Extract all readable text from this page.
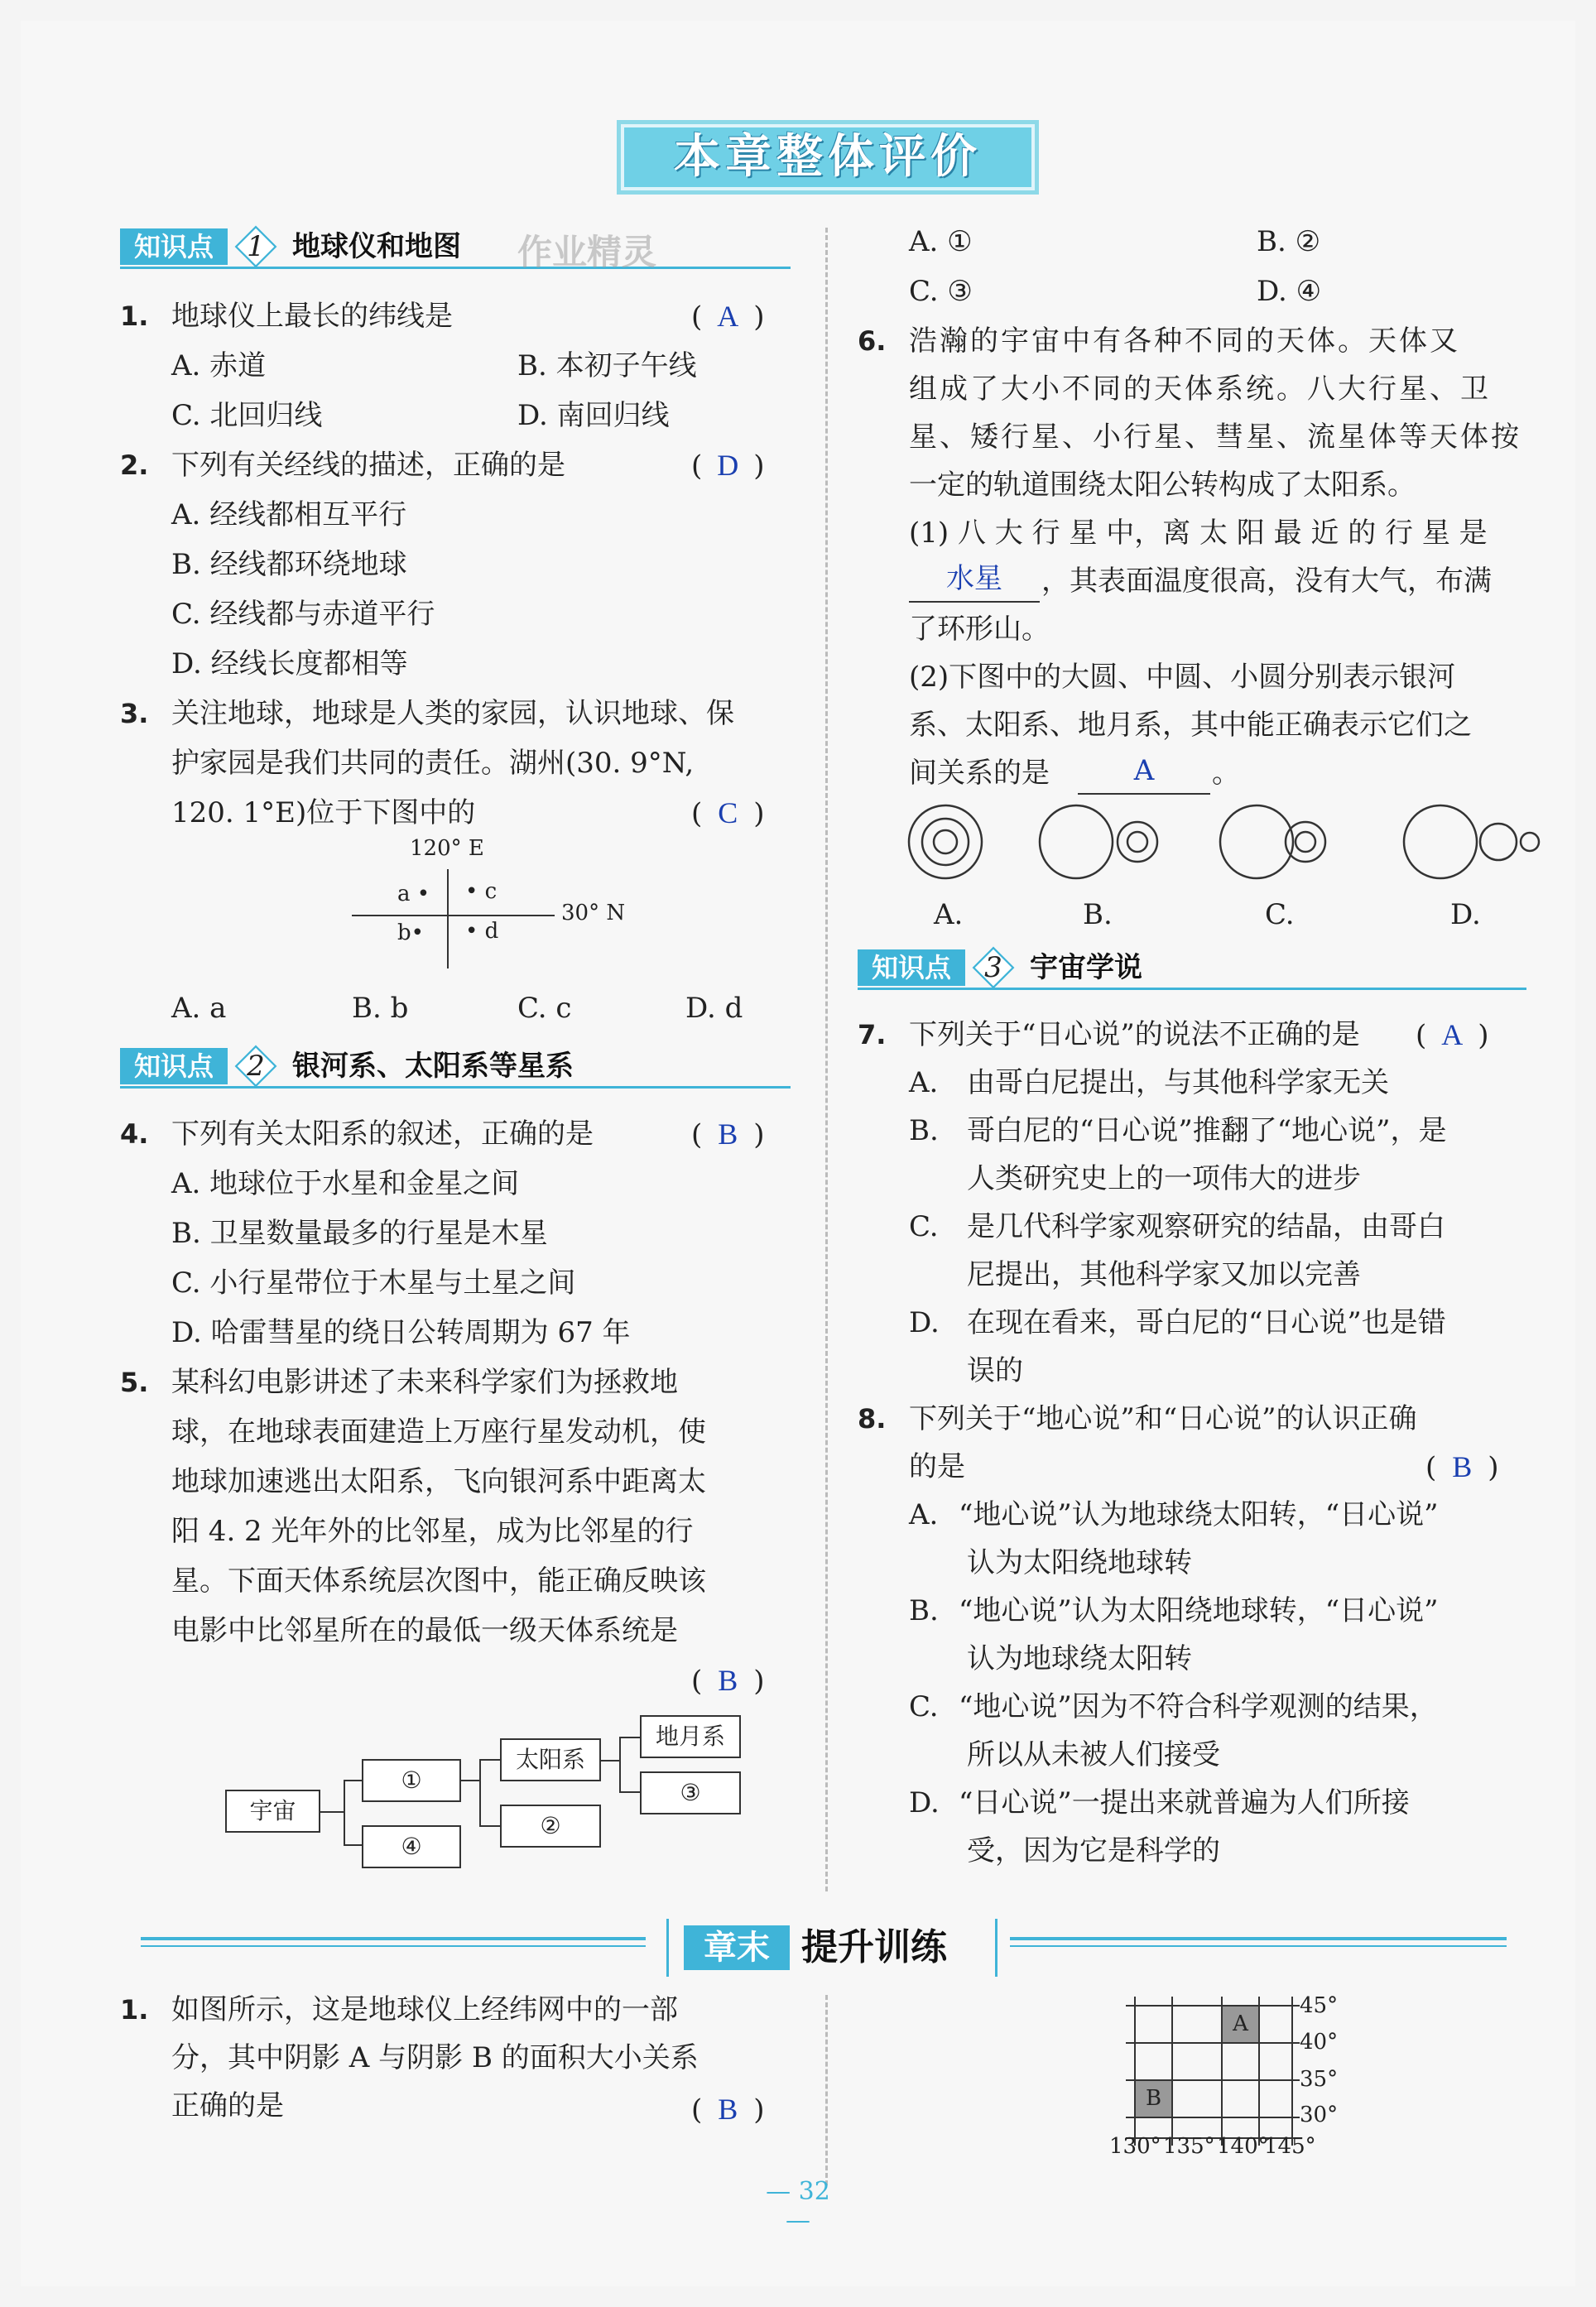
本章整体评价
知识点	1 地球仪和地图 作业精灵
1. 地球仪上最长的纬线是	( A )
A. 赤道	B. 本初子午线
C. 北回归线	D. 南回归线
2. 下列有关经线的描述，正确的是	( D )
A. 经线都相互平行
B. 经线都环绕地球
C. 经线都与赤道平行
D. 经线长度都相等
3. 关注地球，地球是人类的家园，认识地球、保
护家园是我们共同的责任。湖州(30. 9°N,
120. 1°E)位于下图中的	( C )
120° E
30° N
a • • c
b• • d
A. a	B. b	C. c	D. d
知识点	2 银河系、太阳系等星系
4. 下列有关太阳系的叙述，正确的是	( B )
A. 地球位于水星和金星之间
B. 卫星数量最多的行星是木星
C. 小行星带位于木星与土星之间
D. 哈雷彗星的绕日公转周期为 67 年
5. 某科幻电影讲述了未来科学家们为拯救地
球，在地球表面建造上万座行星发动机，使
地球加速逃出太阳系，飞向银河系中距离太
阳 4. 2 光年外的比邻星，成为比邻星的行
星。下面天体系统层次图中，能正确反映该
电影中比邻星所在的最低一级天体系统是
( B )
宇宙
①
④
太阳系
②
地月系
③
A. ①	B. ②
C. ③	D. ④
6. 浩瀚的宇宙中有各种不同的天体。天体又
组成了大小不同的天体系统。八大行星、卫
星、矮行星、小行星、彗星、流星体等天体按
一定的轨道围绕太阳公转构成了太阳系。
(1) 八 大 行 星 中，离 太 阳 最 近 的 行 星 是
水星	，其表面温度很高，没有大气，布满
了环形山。
(2)下图中的大圆、中圆、小圆分别表示银河
系、太阳系、地月系，其中能正确表示它们之
间关系的是	A	。
A.	B.	C.	D.
知识点	3 宇宙学说
7. 下列关于“日心说”的说法不正确的是 ( A )
A. 由哥白尼提出，与其他科学家无关
B. 哥白尼的“日心说”推翻了“地心说”，是
人类研究史上的一项伟大的进步
C. 是几代科学家观察研究的结晶，由哥白
尼提出，其他科学家又加以完善
D. 在现在看来，哥白尼的“日心说”也是错
误的
8. 下列关于“地心说”和“日心说”的认识正确
的是	( B )
A. “地心说”认为地球绕太阳转，“日心说”
认为太阳绕地球转
B. “地心说”认为太阳绕地球转，“日心说”
认为地球绕太阳转
C. “地心说”因为不符合科学观测的结果，
所以从未被人们接受
D. “日心说”一提出来就普遍为人们所接
受，因为它是科学的
章末 提升训练
1. 如图所示，这是地球仪上经纬网中的一部
分，其中阴影 A 与阴影 B 的面积大小关系
正确的是	( B )
A
B
45°
40°
35°
30°
130° 135° 140°
145°
— 32 —
